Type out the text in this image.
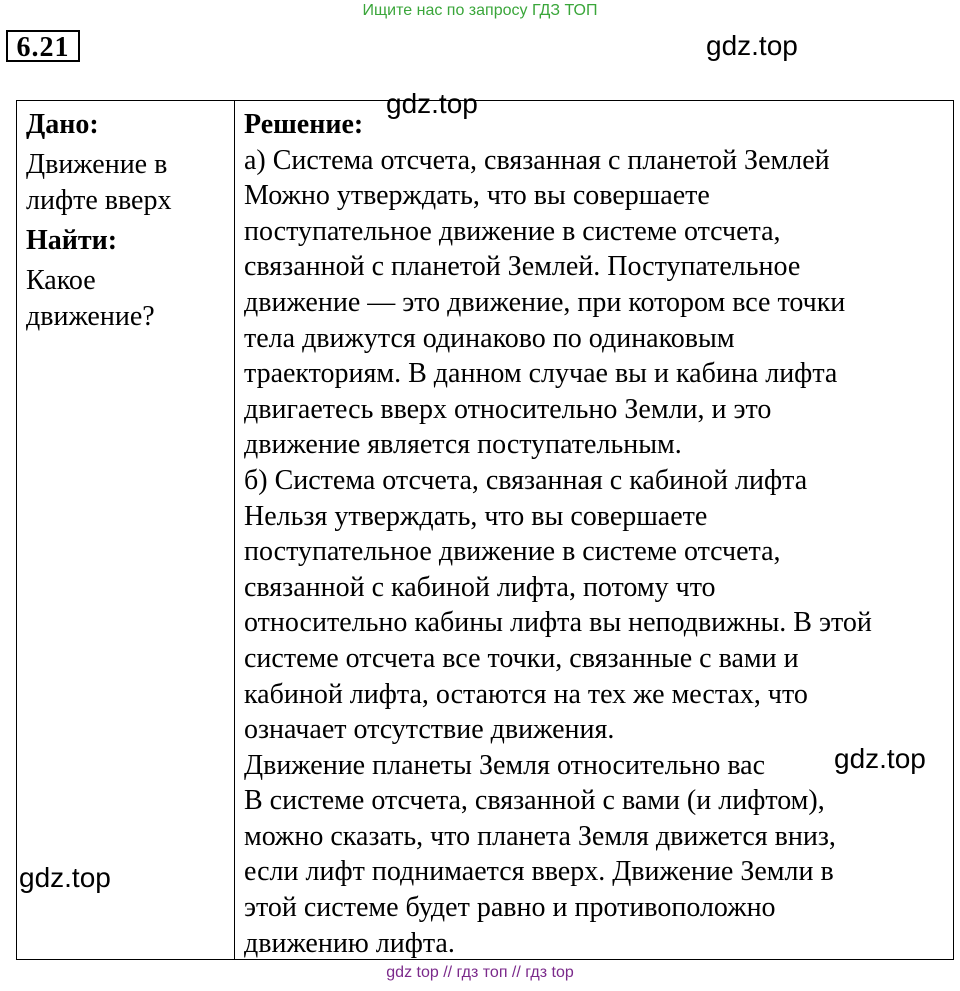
Ищите нас по запросу ГДЗ ТОП
6.21	gdz.top
Дано:
Движение в
лифте вверх
Найти:
Какое
движение?
Решение:
а) Система отсчета, связанная с планетой Землей
Можно утверждать, что вы совершаете
поступательное движение в системе отсчета,
связанной с планетой Землей. Поступательное
движение — это движение, при котором все точки
тела движутся одинаково по одинаковым
траекториям. В данном случае вы и кабина лифта
двигаетесь вверх относительно Земли, и это
движение является поступательным.
б) Система отсчета, связанная с кабиной лифта
Нельзя утверждать, что вы совершаете
поступательное движение в системе отсчета,
связанной с кабиной лифта, потому что
относительно кабины лифта вы неподвижны. В этой
системе отсчета все точки, связанные с вами и
кабиной лифта, остаются на тех же местах, что
означает отсутствие движения.
Движение планеты Земля относительно вас
В системе отсчета, связанной с вами (и лифтом),
можно сказать, что планета Земля движется вниз,
если лифт поднимается вверх. Движение Земли в
этой системе будет равно и противоположно
движению лифта.
gdz.top
gdz.top
gdz.top
gdz top // гдз топ // гдз top
